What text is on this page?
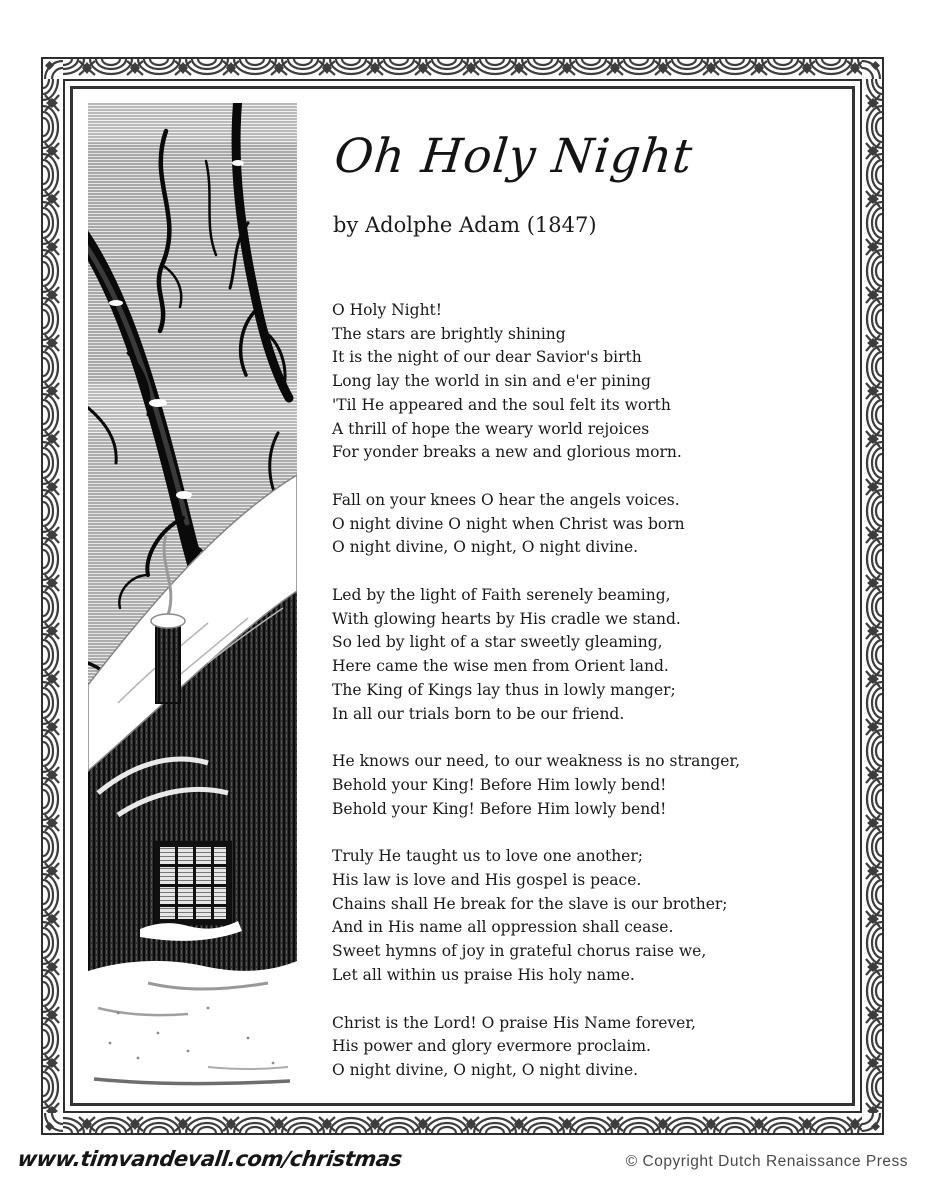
Oh Holy Night

by Adolphe Adam (1847)

O Holy Night!
The stars are brightly shining
It is the night of our dear Savior's birth
Long lay the world in sin and e'er pining
'Til He appeared and the soul felt its worth
A thrill of hope the weary world rejoices
For yonder breaks a new and glorious morn.

Fall on your knees O hear the angels voices.
O night divine O night when Christ was born
O night divine, O night, O night divine.

Led by the light of Faith serenely beaming,
With glowing hearts by His cradle we stand.
So led by light of a star sweetly gleaming,
Here came the wise men from Orient land.
The King of Kings lay thus in lowly manger;
In all our trials born to be our friend.

He knows our need, to our weakness is no stranger,
Behold your King! Before Him lowly bend!
Behold your King! Before Him lowly bend!

Truly He taught us to love one another;
His law is love and His gospel is peace.
Chains shall He break for the slave is our brother;
And in His name all oppression shall cease.
Sweet hymns of joy in grateful chorus raise we,
Let all within us praise His holy name.

Christ is the Lord! O praise His Name forever,
His power and glory evermore proclaim.
O night divine, O night, O night divine.

www.timvandevall.com/christmas	© Copyright Dutch Renaissance Press
